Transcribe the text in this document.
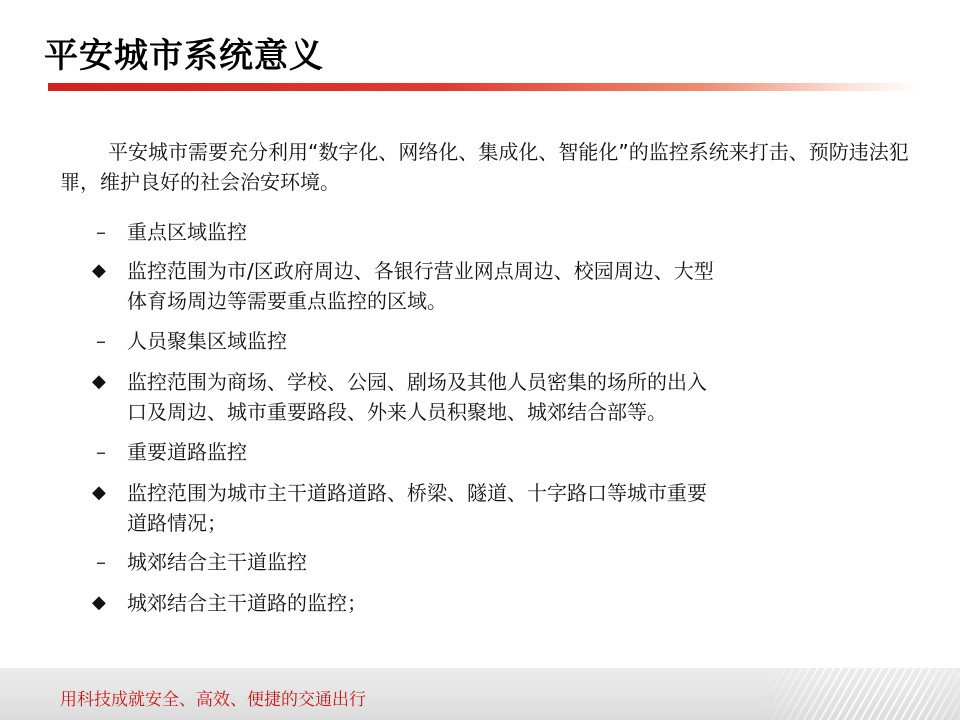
平安城市系统意义
平安城市需要充分利用“数字化、网络化、集成化、智能化”的监控系统来打击、预防违法犯罪，维护良好的社会治安环境。
–	重点区域监控
◆	监控范围为市/区政府周边、各银行营业网点周边、校园周边、大型
体育场周边等需要重点监控的区域。
–	人员聚集区域监控
◆	监控范围为商场、学校、公园、剧场及其他人员密集的场所的出入
口及周边、城市重要路段、外来人员积聚地、城郊结合部等。
–	重要道路监控
◆	监控范围为城市主干道路道路、桥梁、隧道、十字路口等城市重要
道路情况；
–	城郊结合主干道监控
◆	城郊结合主干道路的监控；
用科技成就安全、高效、便捷的交通出行
